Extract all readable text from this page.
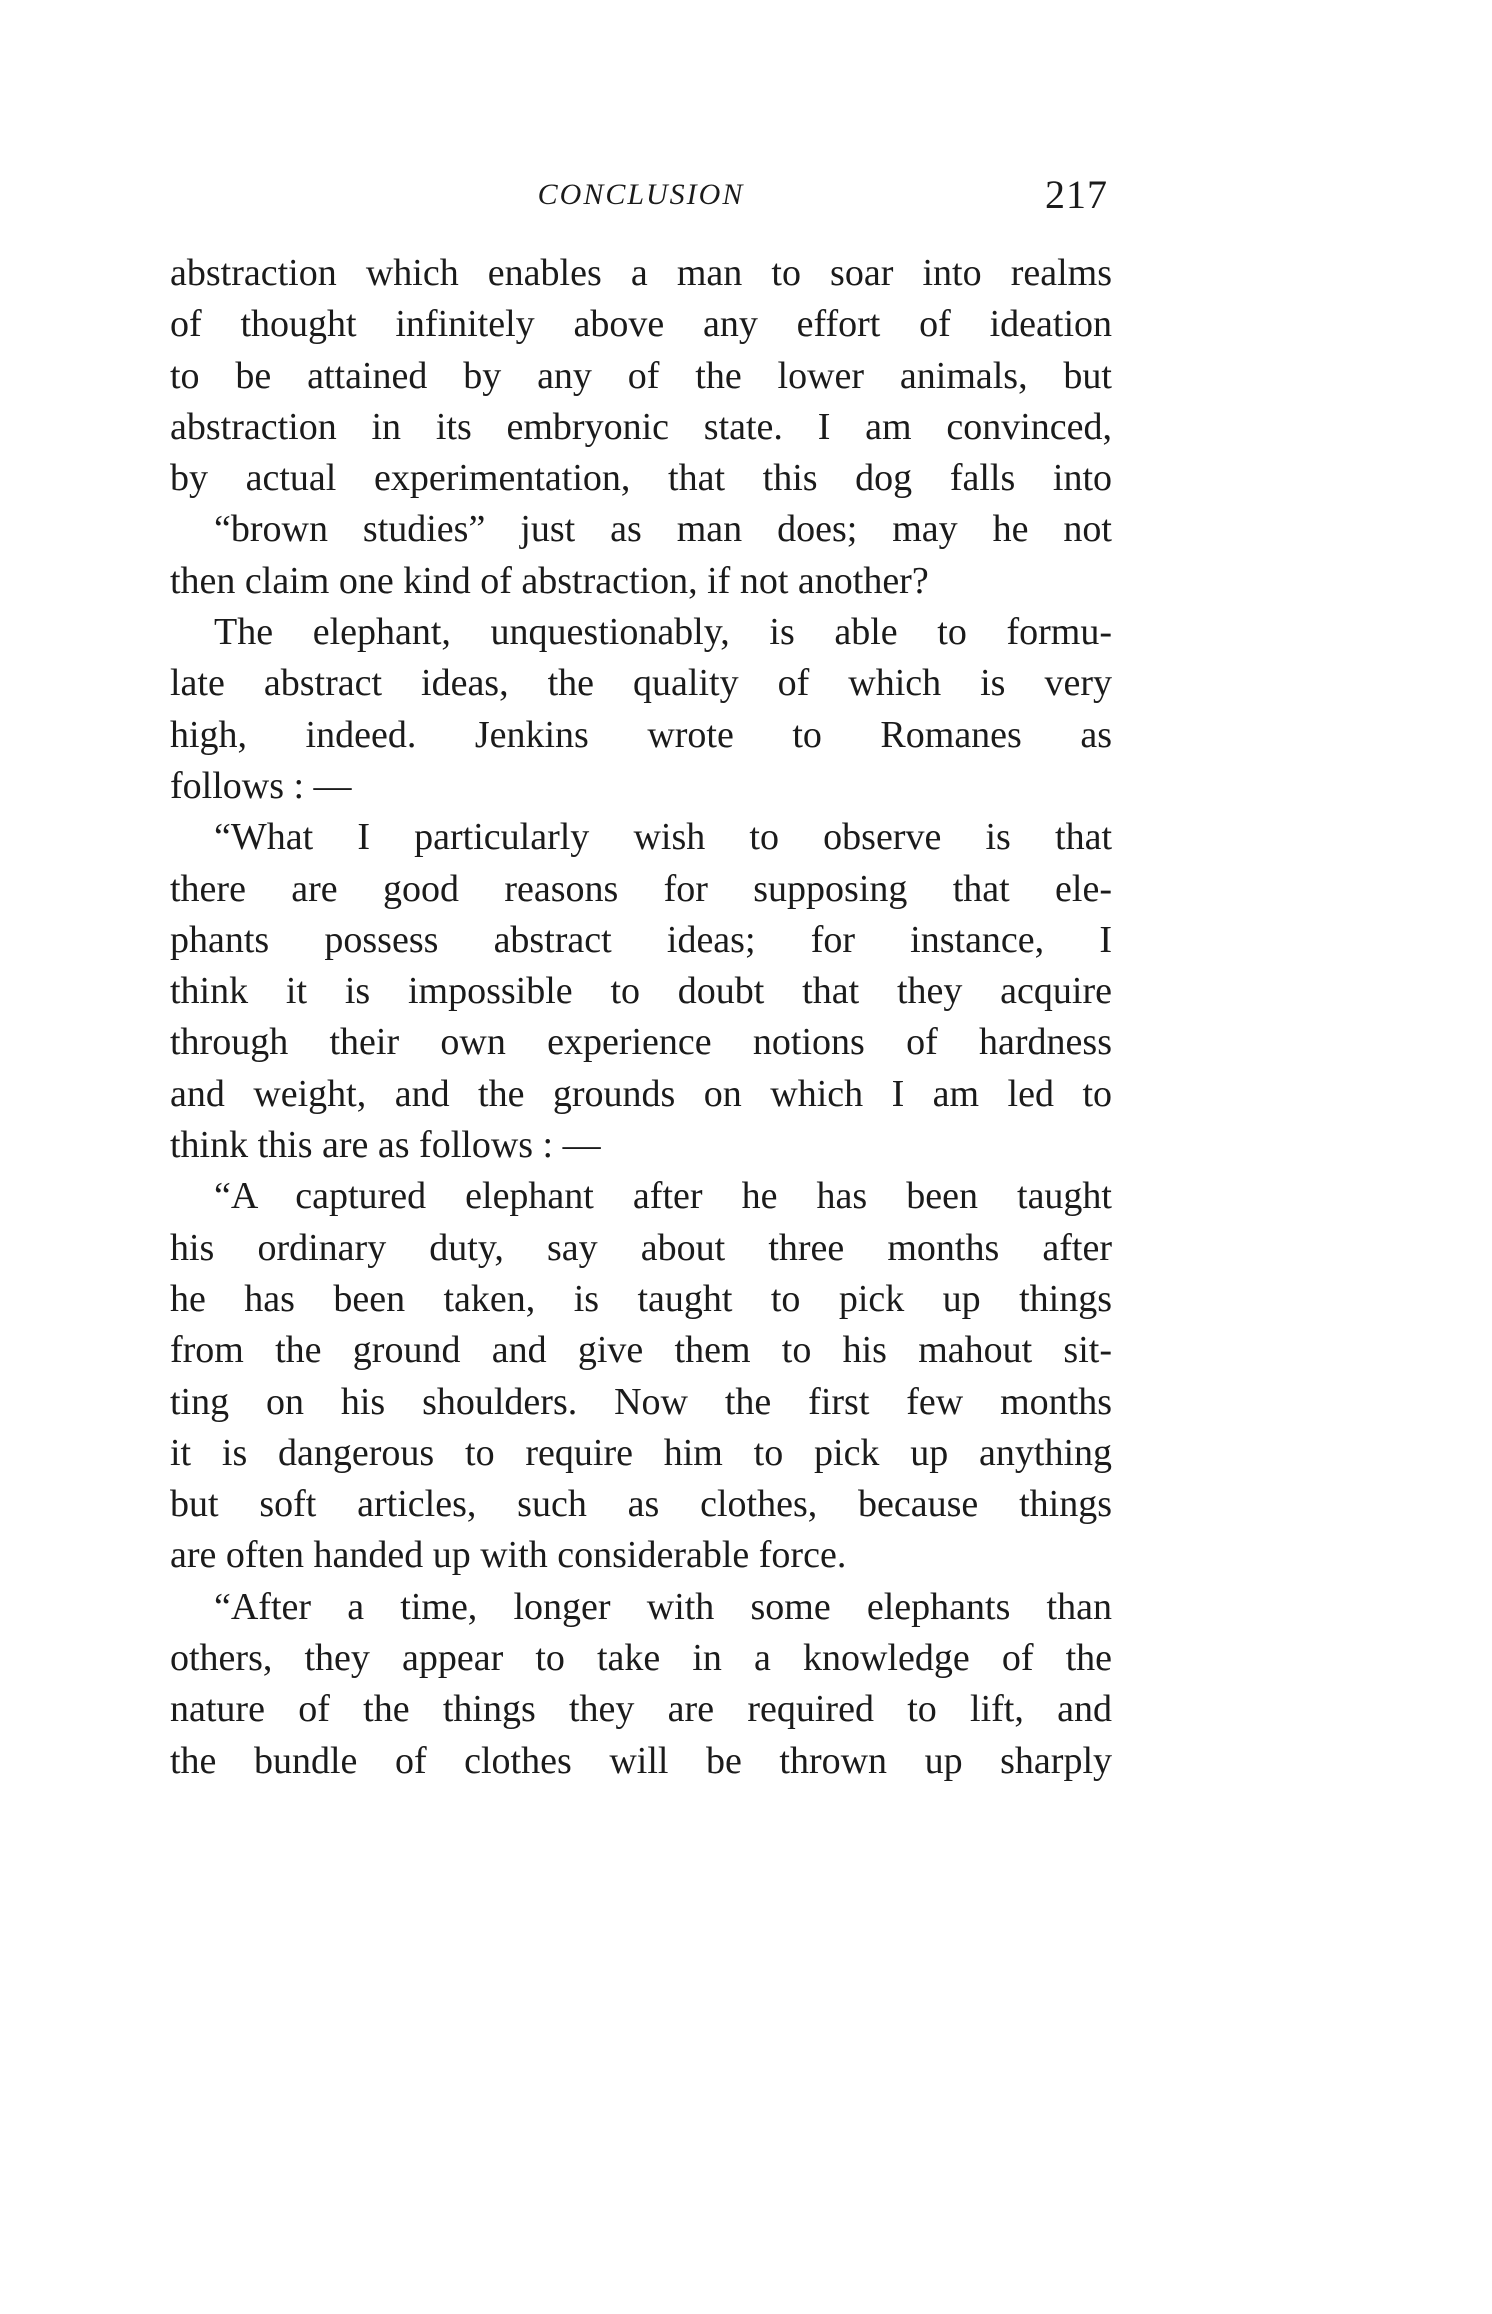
CONCLUSION	217
abstraction which enables a man to soar into realms
of thought infinitely above any effort of ideation
to be attained by any of the lower animals, but
abstraction in its embryonic state. I am convinced,
by actual experimentation, that this dog falls into
“brown studies” just as man does; may he not
then claim one kind of abstraction, if not another?
The elephant, unquestionably, is able to formu-
late abstract ideas, the quality of which is very
high, indeed. Jenkins wrote to Romanes as
follows : —
“What I particularly wish to observe is that
there are good reasons for supposing that ele-
phants possess abstract ideas; for instance, I
think it is impossible to doubt that they acquire
through their own experience notions of hardness
and weight, and the grounds on which I am led to
think this are as follows : —
“A captured elephant after he has been taught
his ordinary duty, say about three months after
he has been taken, is taught to pick up things
from the ground and give them to his mahout sit-
ting on his shoulders. Now the first few months
it is dangerous to require him to pick up anything
but soft articles, such as clothes, because things
are often handed up with considerable force.
“After a time, longer with some elephants than
others, they appear to take in a knowledge of the
nature of the things they are required to lift, and
the bundle of clothes will be thrown up sharply
